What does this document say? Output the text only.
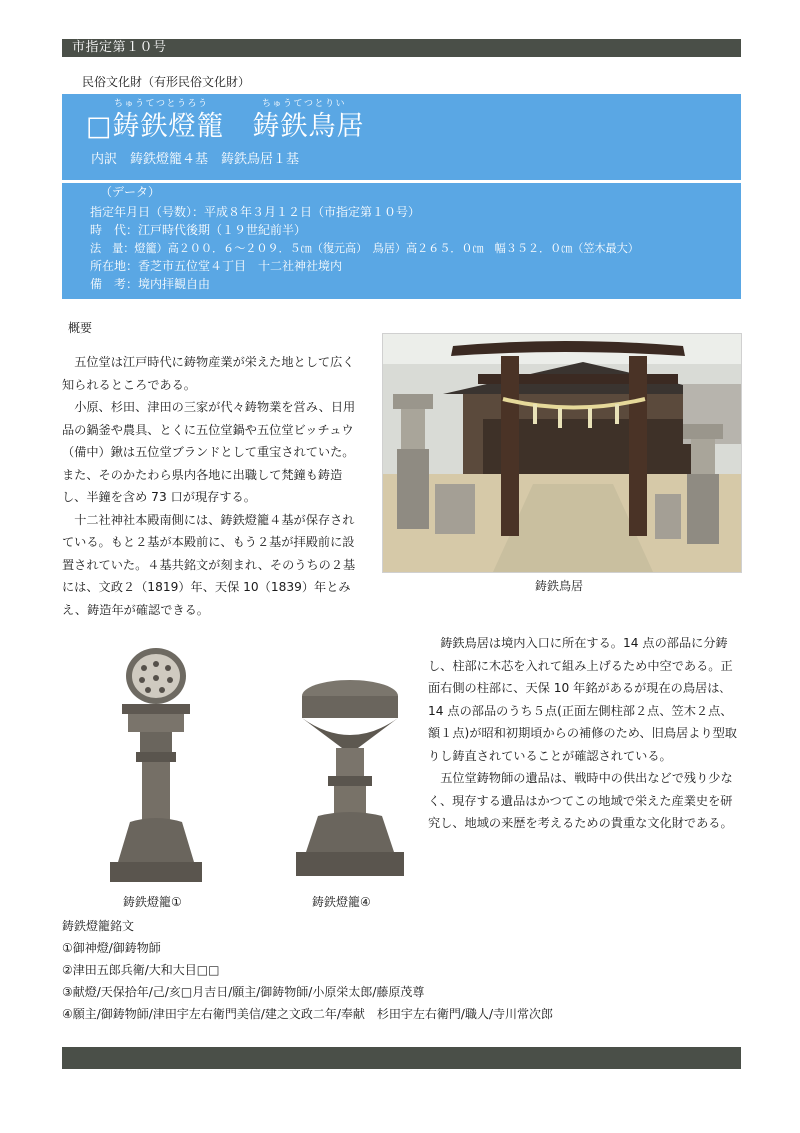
市指定第１０号
民俗文化財（有形民俗文化財）
ちゅうてつとうろう	ちゅうてつとりい
□鋳鉄燈籠　鋳鉄鳥居
内訳　鋳鉄燈籠４基　鋳鉄鳥居１基
（データ）
指定年月日（号数）：平成８年３月１２日（市指定第１０号）
時　代：江戸時代後期（１９世紀前半）
法　量：燈籠）高２００．６～２０９．５㎝（復元高）　鳥居）高２６５．０㎝　幅３５２．０㎝（笠木最大）
所在地：香芝市五位堂４丁目　十二社神社境内
備　考：境内拝観自由
概要

五位堂は江戸時代に鋳物産業が栄えた地として広く知られるところである。

小原、杉田、津田の三家が代々鋳物業を営み、日用品の鍋釜や農具、とくに五位堂鍋や五位堂ビッチュウ（備中）鍬は五位堂ブランドとして重宝されていた。また、そのかたわら県内各地に出職して梵鐘も鋳造し、半鐘を含め 73 口が現存する。

十二社神社本殿南側には、鋳鉄燈籠４基が保存されている。もと２基が本殿前に、もう２基が拝殿前に設置されていた。４基共銘文が刻まれ、そのうちの２基には、文政２（1819）年、天保 10（1839）年とみえ、鋳造年が確認できる。

鋳鉄鳥居

鋳鉄鳥居は境内入口に所在する。14 点の部品に分鋳し、柱部に木芯を入れて組み上げるため中空である。正面右側の柱部に、天保 10 年銘があるが現在の鳥居は､14 点の部品のうち５点(正面左側柱部２点、笠木２点、額１点)が昭和初期頃からの補修のため、旧鳥居より型取りし鋳直されていることが確認されている。

五位堂鋳物師の遺品は、戦時中の供出などで残り少なく、現存する遺品はかつてこの地域で栄えた産業史を研究し、地域の来歴を考えるための貴重な文化財である。

鋳鉄燈籠①	鋳鉄燈籠④
鋳鉄燈籠銘文
①御神燈/御鋳物師
②津田五郎兵衛/大和大目□□
③献燈/天保拾年/己/亥□月吉日/願主/御鋳物師/小原栄太郎/藤原茂尊
④願主/御鋳物師/津田宇左右衛門美信/建之文政二年/奉献　杉田宇左右衛門/職人/寺川常次郎
